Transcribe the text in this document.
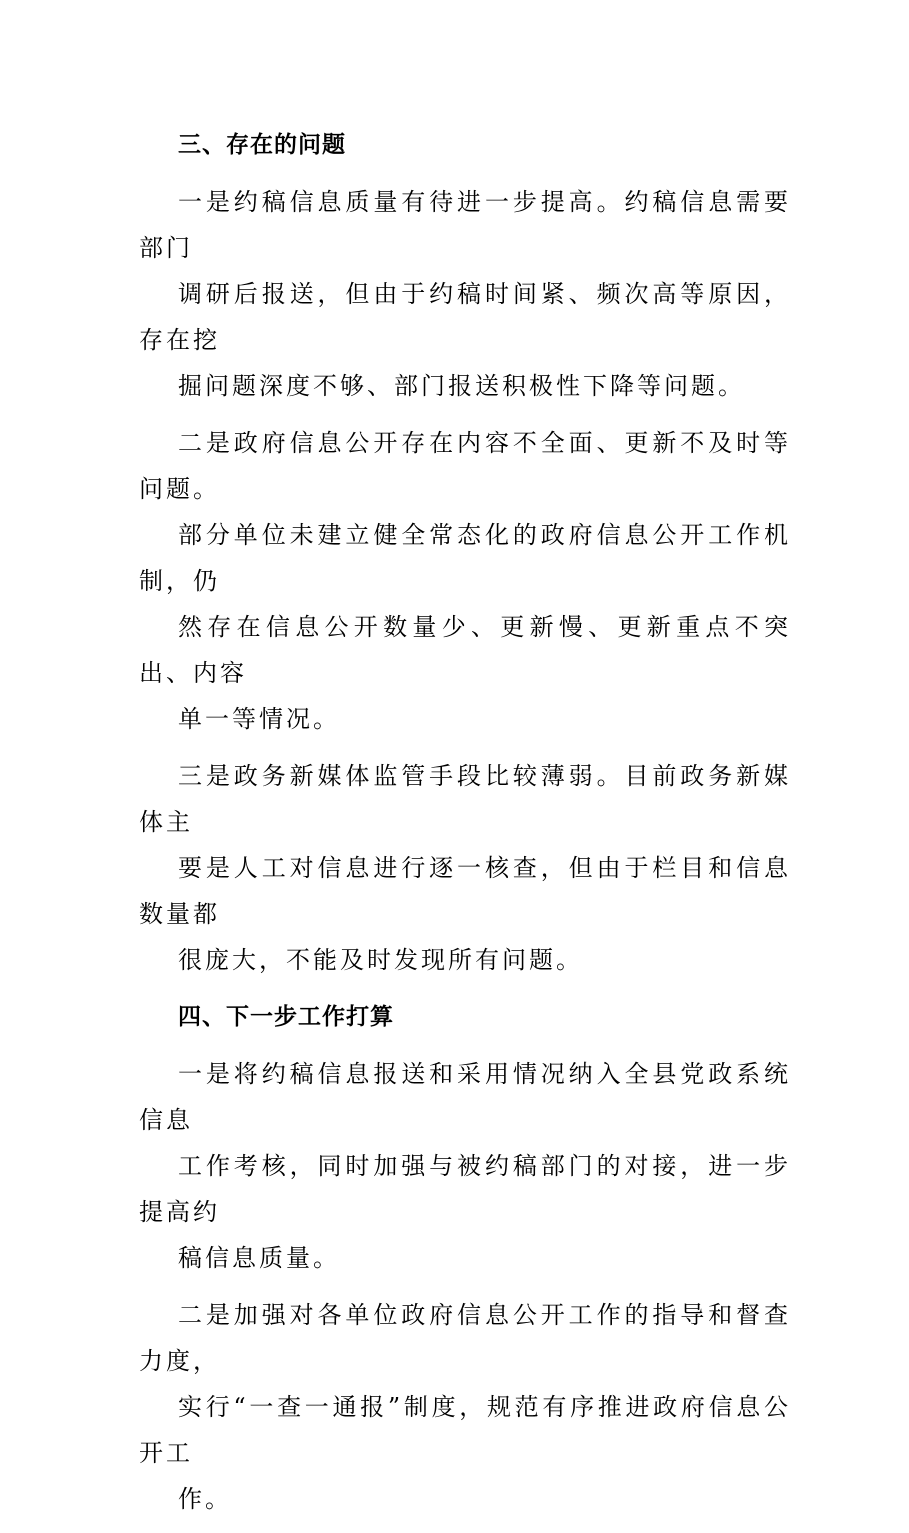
三、存在的问题

一是约稿信息质量有待进一步提高。约稿信息需要部门
调研后报送，但由于约稿时间紧、频次高等原因，存在挖
掘问题深度不够、部门报送积极性下降等问题。

二是政府信息公开存在内容不全面、更新不及时等问题。
部分单位未建立健全常态化的政府信息公开工作机制，仍
然存在信息公开数量少、更新慢、更新重点不突出、内容
单一等情况。

三是政务新媒体监管手段比较薄弱。目前政务新媒体主
要是人工对信息进行逐一核查，但由于栏目和信息数量都
很庞大，不能及时发现所有问题。

四、下一步工作打算

一是将约稿信息报送和采用情况纳入全县党政系统信息
工作考核，同时加强与被约稿部门的对接，进一步提高约
稿信息质量。

二是加强对各单位政府信息公开工作的指导和督查力度，
实行“一查一通报”制度，规范有序推进政府信息公开工
作。
